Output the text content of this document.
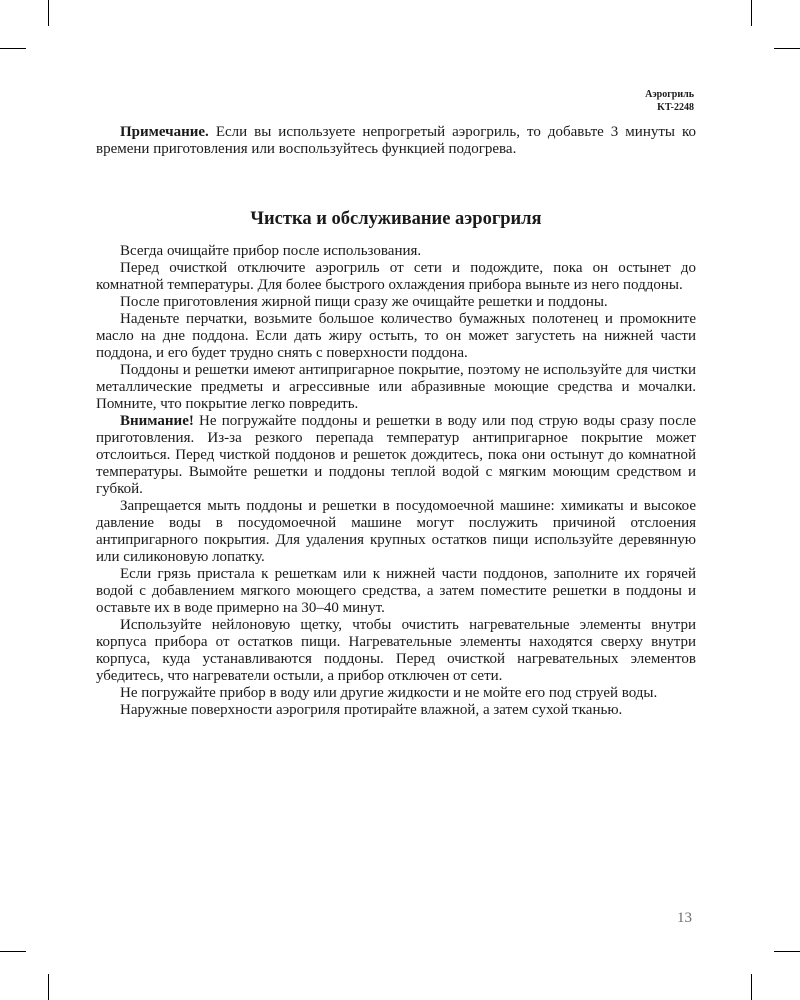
Аэрогриль
KT-2248

Примечание. Если вы используете непрогретый аэрогриль, то добавьте 3 минуты ко времени приготовления или воспользуйтесь функцией подогрева.

Чистка и обслуживание аэрогриля

Всегда очищайте прибор после использования.

Перед очисткой отключите аэрогриль от сети и подождите, пока он остынет до комнатной температуры. Для более быстрого охлаждения прибора выньте из него поддоны.

После приготовления жирной пищи сразу же очищайте решетки и поддоны.

Наденьте перчатки, возьмите большое количество бумажных полотенец и промокните масло на дне поддона. Если дать жиру остыть, то он может загустеть на нижней части поддона, и его будет трудно снять с поверхности поддона.

Поддоны и решетки имеют антипригарное покрытие, поэтому не используйте для чистки металлические предметы и агрессивные или абразивные моющие средства и мочалки. Помните, что покрытие легко повредить.

Внимание! Не погружайте поддоны и решетки в воду или под струю воды сразу после приготовления. Из-за резкого перепада температур антипригарное покрытие может отслоиться. Перед чисткой поддонов и решеток дождитесь, пока они остынут до комнатной температуры. Вымойте решетки и поддоны теплой водой с мягким моющим средством и губкой.

Запрещается мыть поддоны и решетки в посудомоечной машине: химикаты и высокое давление воды в посудомоечной машине могут послужить причиной отслоения антипригарного покрытия. Для удаления крупных остатков пищи используйте деревянную или силиконовую лопатку.

Если грязь пристала к решеткам или к нижней части поддонов, заполните их горячей водой с добавлением мягкого моющего средства, а затем поместите решетки в поддоны и оставьте их в воде примерно на 30–40 минут.

Используйте нейлоновую щетку, чтобы очистить нагревательные элементы внутри корпуса прибора от остатков пищи. Нагревательные элементы находятся сверху внутри корпуса, куда устанавливаются поддоны. Перед очисткой нагревательных элементов убедитесь, что нагреватели остыли, а прибор отключен от сети.

Не погружайте прибор в воду или другие жидкости и не мойте его под струей воды.

Наружные поверхности аэрогриля протирайте влажной, а затем сухой тканью.

13
